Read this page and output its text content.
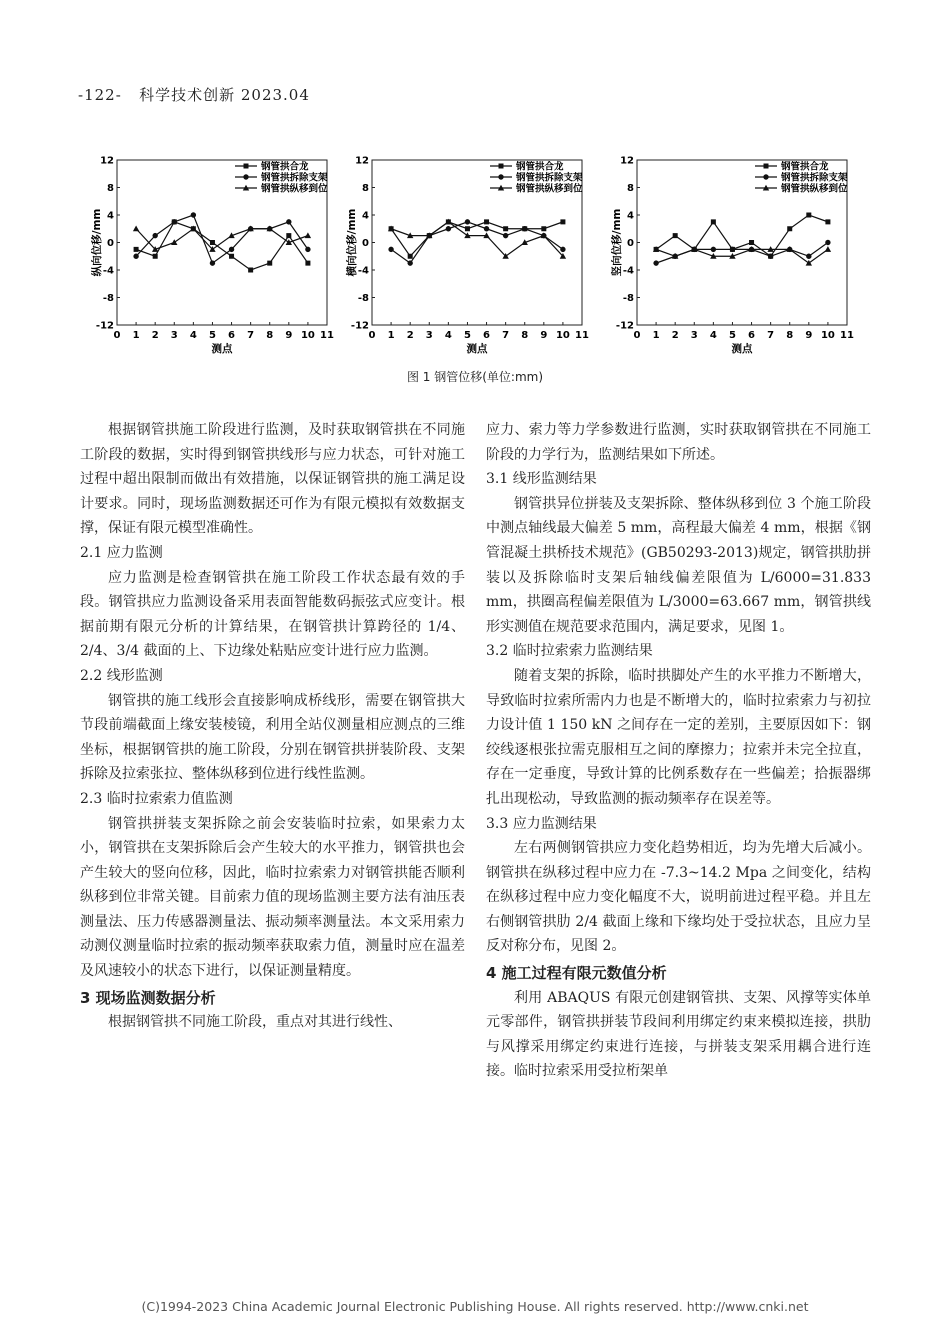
-122- 科学技术创新 2023.04
0 1 2 3 4 5 6 7 8 9 10 11
-12
-8
-4
0
4
8
12
测点
纵向位移/mm
钢管拱合龙
钢管拱拆除支架
钢管拱纵移到位
0 1 2 3 4 5 6 7 8 9 10 11
-12
-8
-4
0
4
8
12
测点
横向位移/mm
钢管拱合龙
钢管拱拆除支架
钢管拱纵移到位
0 1 2 3 4 5 6 7 8 9 10 11
-12
-8
-4
0
4
8
12
测点
竖向位移/mm
钢管拱合龙
钢管拱拆除支架
钢管拱纵移到位
图 1 钢管位移(单位:mm)

根据钢管拱施工阶段进行监测，及时获取钢管拱在不同施工阶段的数据，实时得到钢管拱线形与应力状态，可针对施工过程中超出限制而做出有效措施，以保证钢管拱的施工满足设计要求。同时，现场监测数据还可作为有限元模拟有效数据支撑，保证有限元模型准确性。

2.1 应力监测

应力监测是检查钢管拱在施工阶段工作状态最有效的手段。钢管拱应力监测设备采用表面智能数码振弦式应变计。根据前期有限元分析的计算结果，在钢管拱计算跨径的 1/4、2/4、3/4 截面的上、下边缘处粘贴应变计进行应力监测。

2.2 线形监测

钢管拱的施工线形会直接影响成桥线形，需要在钢管拱大节段前端截面上缘安装棱镜，利用全站仪测量相应测点的三维坐标，根据钢管拱的施工阶段，分别在钢管拱拼装阶段、支架拆除及拉索张拉、整体纵移到位进行线性监测。

2.3 临时拉索索力值监测

钢管拱拼装支架拆除之前会安装临时拉索，如果索力太小，钢管拱在支架拆除后会产生较大的水平推力，钢管拱也会产生较大的竖向位移，因此，临时拉索索力对钢管拱能否顺利纵移到位非常关键。目前索力值的现场监测主要方法有油压表测量法、压力传感器测量法、振动频率测量法。本文采用索力动测仪测量临时拉索的振动频率获取索力值，测量时应在温差及风速较小的状态下进行，以保证测量精度。

3 现场监测数据分析

根据钢管拱不同施工阶段，重点对其进行线性、

应力、索力等力学参数进行监测，实时获取钢管拱在不同施工阶段的力学行为，监测结果如下所述。

3.1 线形监测结果

钢管拱异位拼装及支架拆除、整体纵移到位 3 个施工阶段中测点轴线最大偏差 5 mm，高程最大偏差 4 mm，根据《钢管混凝土拱桥技术规范》(GB50293-2013)规定，钢管拱肋拼装以及拆除临时支架后轴线偏差限值为 L/6000=31.833 mm，拱圈高程偏差限值为 L/3000=63.667 mm，钢管拱线形实测值在规范要求范围内，满足要求，见图 1。

3.2 临时拉索索力监测结果

随着支架的拆除，临时拱脚处产生的水平推力不断增大，导致临时拉索所需内力也是不断增大的，临时拉索索力与初拉力设计值 1 150 kN 之间存在一定的差别，主要原因如下：钢绞线逐根张拉需克服相互之间的摩擦力；拉索并未完全拉直，存在一定垂度，导致计算的比例系数存在一些偏差；拾振器绑扎出现松动，导致监测的振动频率存在误差等。

3.3 应力监测结果

左右两侧钢管拱应力变化趋势相近，均为先增大后减小。钢管拱在纵移过程中应力在 -7.3~14.2 Mpa 之间变化，结构在纵移过程中应力变化幅度不大，说明前进过程平稳。并且左右侧钢管拱肋 2/4 截面上缘和下缘均处于受拉状态，且应力呈反对称分布，见图 2。

4 施工过程有限元数值分析

利用 ABAQUS 有限元创建钢管拱、支架、风撑等实体单元零部件，钢管拱拼装节段间利用绑定约束来模拟连接，拱肋与风撑采用绑定约束进行连接，与拼装支架采用耦合进行连接。临时拉索采用受拉桁架单

(C)1994-2023 China Academic Journal Electronic Publishing House. All rights reserved. http://www.cnki.net
